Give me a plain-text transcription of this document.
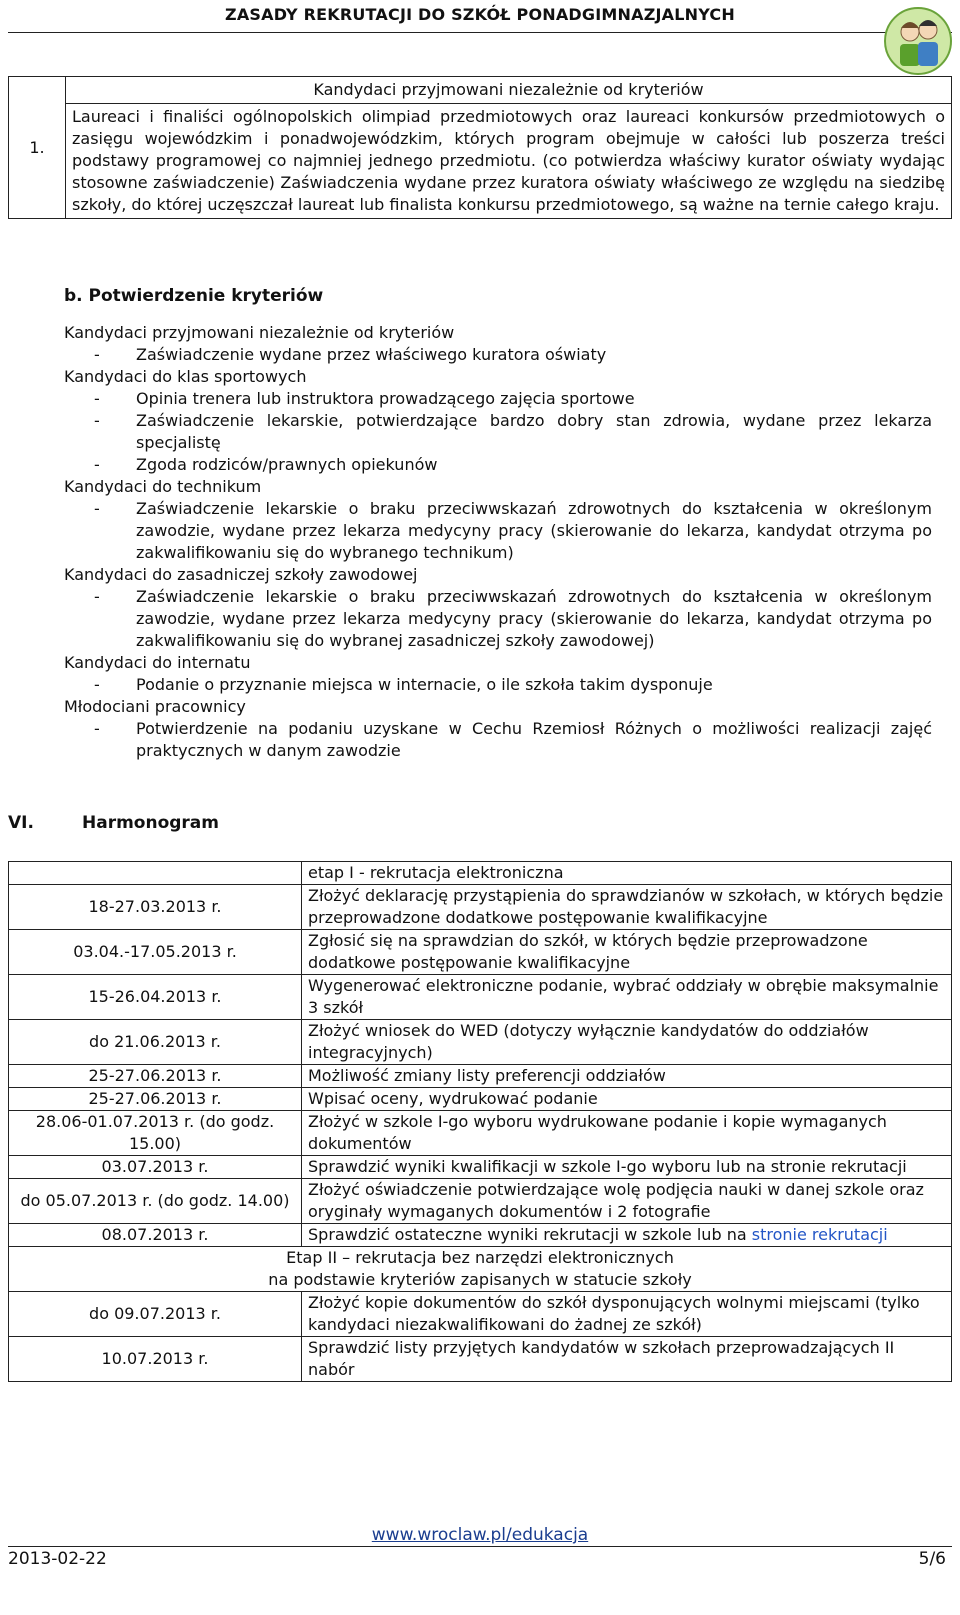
ZASADY REKRUTACJI DO SZKÓŁ PONADGIMNAZJALNYCH
1.	Kandydaci przyjmowani niezależnie od kryteriów
Laureaci i finaliści ogólnopolskich olimpiad przedmiotowych oraz laureaci konkursów przedmiotowych o zasięgu wojewódzkim i ponadwojewódzkim, których program obejmuje w całości lub poszerza treści podstawy programowej co najmniej jednego przedmiotu. (co potwierdza właściwy kurator oświaty wydając stosowne zaświadczenie) Zaświadczenia wydane przez kuratora oświaty właściwego ze względu na siedzibę szkoły, do której uczęszczał laureat lub finalista konkursu przedmiotowego, są ważne na ternie całego kraju.
b. Potwierdzenie kryteriów
Kandydaci przyjmowani niezależnie od kryteriów
- Zaświadczenie wydane przez właściwego kuratora oświaty
Kandydaci do klas sportowych
- Opinia trenera lub instruktora prowadzącego zajęcia sportowe
- Zaświadczenie lekarskie, potwierdzające bardzo dobry stan zdrowia, wydane przez lekarza specjalistę
- Zgoda rodziców/prawnych opiekunów
Kandydaci do technikum
- Zaświadczenie lekarskie o braku przeciwwskazań zdrowotnych do kształcenia w określonym zawodzie, wydane przez lekarza medycyny pracy (skierowanie do lekarza, kandydat otrzyma po zakwalifikowaniu się do wybranego technikum)
Kandydaci do zasadniczej szkoły zawodowej
- Zaświadczenie lekarskie o braku przeciwwskazań zdrowotnych do kształcenia w określonym zawodzie, wydane przez lekarza medycyny pracy (skierowanie do lekarza, kandydat otrzyma po zakwalifikowaniu się do wybranej zasadniczej szkoły zawodowej)
Kandydaci do internatu
- Podanie o przyznanie miejsca w internacie, o ile szkoła takim dysponuje
Młodociani pracownicy
- Potwierdzenie na podaniu uzyskane w Cechu Rzemiosł Różnych o możliwości realizacji zajęć praktycznych w danym zawodzie
VI.	Harmonogram
	etap I - rekrutacja elektroniczna
18-27.03.2013 r.	Złożyć deklarację przystąpienia do sprawdzianów w szkołach, w których będzie przeprowadzone dodatkowe postępowanie kwalifikacyjne
03.04.-17.05.2013 r.	Zgłosić się na sprawdzian do szkół, w których będzie przeprowadzone dodatkowe postępowanie kwalifikacyjne
15-26.04.2013 r.	Wygenerować elektroniczne podanie, wybrać oddziały w obrębie maksymalnie 3 szkół
do 21.06.2013 r.	Złożyć wniosek do WED (dotyczy wyłącznie kandydatów do oddziałów integracyjnych)
25-27.06.2013 r.	Możliwość zmiany listy preferencji oddziałów
25-27.06.2013 r.	Wpisać oceny, wydrukować podanie
28.06-01.07.2013 r. (do godz. 15.00)	Złożyć w szkole I-go wyboru wydrukowane podanie i kopie wymaganych dokumentów
03.07.2013 r.	Sprawdzić wyniki kwalifikacji w szkole I-go wyboru lub na stronie rekrutacji
do 05.07.2013 r. (do godz. 14.00)	Złożyć oświadczenie potwierdzające wolę podjęcia nauki w danej szkole oraz oryginały wymaganych dokumentów i 2 fotografie
08.07.2013 r.	Sprawdzić ostateczne wyniki rekrutacji w szkole lub na stronie rekrutacji

Etap II – rekrutacja bez narzędzi elektronicznych
na podstawie kryteriów zapisanych w statucie szkoły	

do 09.07.2013 r.	Złożyć kopie dokumentów do szkół dysponujących wolnymi miejscami (tylko kandydaci niezakwalifikowani do żadnej ze szkół)
10.07.2013 r.	Sprawdzić listy przyjętych kandydatów w szkołach przeprowadzających II nabór
www.wroclaw.pl/edukacja
2013-02-22	5/6
